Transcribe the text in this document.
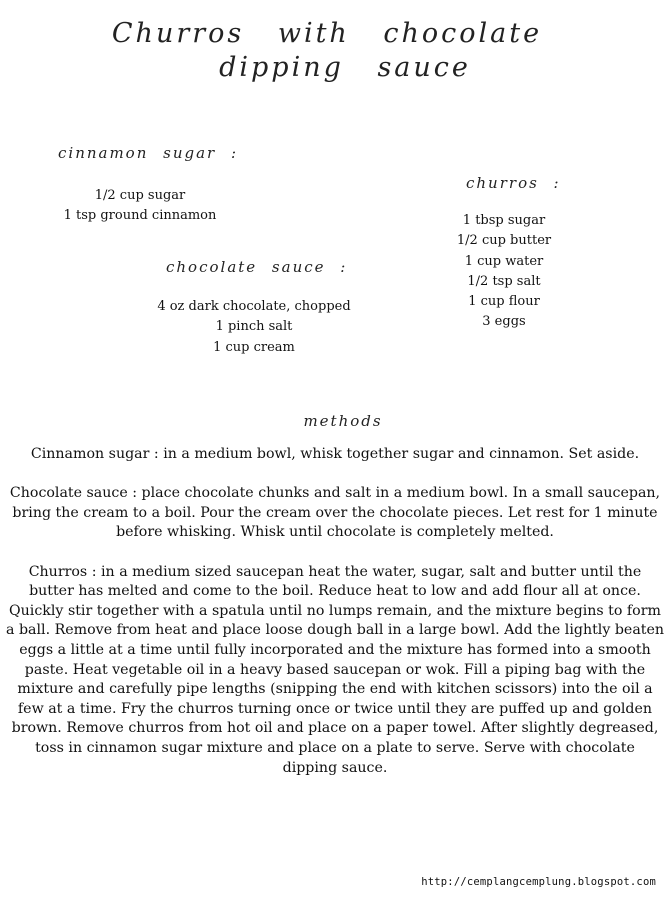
Churros with chocolate
dipping sauce
cinnamon sugar :
1/2 cup sugar
1 tsp ground cinnamon
churros :
1 tbsp sugar
1/2 cup butter
1 cup water
1/2 tsp salt
1 cup flour
3 eggs
chocolate sauce :
4 oz dark chocolate, chopped
1 pinch salt
1 cup cream
methods

Cinnamon sugar : in a medium bowl, whisk together sugar and cinnamon. Set aside.

Chocolate sauce : place chocolate chunks and salt in a medium bowl. In a small saucepan, bring the cream to a boil. Pour the cream over the chocolate pieces. Let rest for 1 minute before whisking. Whisk until chocolate is completely melted.

Churros : in a medium sized saucepan heat the water, sugar, salt and butter until the butter has melted and come to the boil. Reduce heat to low and add flour all at once. Quickly stir together with a spatula until no lumps remain, and the mixture begins to form a ball. Remove from heat and place loose dough ball in a large bowl. Add the lightly beaten eggs a little at a time until fully incorporated and the mixture has formed into a smooth paste. Heat vegetable oil in a heavy based saucepan or wok. Fill a piping bag with the mixture and carefully pipe lengths (snipping the end with kitchen scissors) into the oil a few at a time. Fry the churros turning once or twice until they are puffed up and golden brown. Remove churros from hot oil and place on a paper towel. After slightly degreased, toss in cinnamon sugar mixture and place on a plate to serve. Serve with chocolate dipping sauce.

http://cemplangcemplung.blogspot.com
